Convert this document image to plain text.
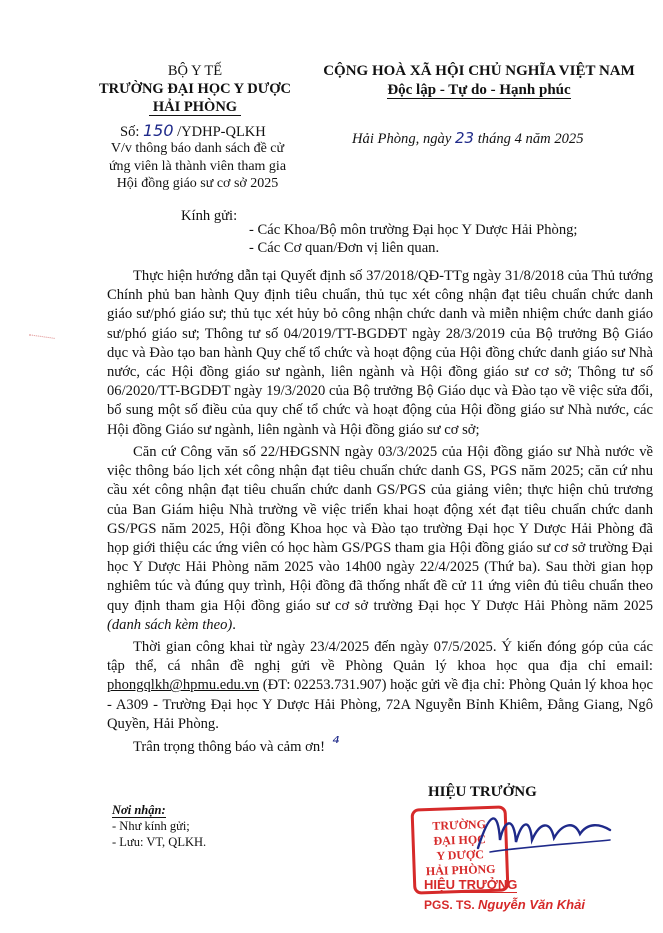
BỘ Y TẾ
TRƯỜNG ĐẠI HỌC Y DƯỢC
HẢI PHÒNG
Số: 150 /YDHP-QLKH
V/v thông báo danh sách đề cử
ứng viên là thành viên tham gia
Hội đồng giáo sư cơ sở 2025
CỘNG HOÀ XÃ HỘI CHỦ NGHĨA VIỆT NAM
Độc lập - Tự do - Hạnh phúc
Hải Phòng, ngày 23 tháng 4 năm 2025
Kính gửi:
- Các Khoa/Bộ môn trường Đại học Y Dược Hải Phòng;
- Các Cơ quan/Đơn vị liên quan.

Thực hiện hướng dẫn tại Quyết định số 37/2018/QĐ-TTg ngày 31/8/2018 của Thủ tướng Chính phủ ban hành Quy định tiêu chuẩn, thủ tục xét công nhận đạt tiêu chuẩn chức danh giáo sư/phó giáo sư; thủ tục xét hủy bỏ công nhận chức danh và miễn nhiệm chức danh giáo sư/phó giáo sư; Thông tư số 04/2019/TT-BGDĐT ngày 28/3/2019 của Bộ trưởng Bộ Giáo dục và Đào tạo ban hành Quy chế tổ chức và hoạt động của Hội đồng chức danh giáo sư Nhà nước, các Hội đồng giáo sư ngành, liên ngành và Hội đồng giáo sư cơ sở; Thông tư số 06/2020/TT-BGDĐT ngày 19/3/2020 của Bộ trưởng Bộ Giáo dục và Đào tạo về việc sửa đổi, bổ sung một số điều của quy chế tổ chức và hoạt động của Hội đồng giáo sư Nhà nước, các Hội đồng Giáo sư ngành, liên ngành và Hội đồng giáo sư cơ sở;

Căn cứ Công văn số 22/HĐGSNN ngày 03/3/2025 của Hội đồng giáo sư Nhà nước về việc thông báo lịch xét công nhận đạt tiêu chuẩn chức danh GS, PGS năm 2025; căn cứ nhu cầu xét công nhận đạt tiêu chuẩn chức danh GS/PGS của giảng viên; thực hiện chủ trương của Ban Giám hiệu Nhà trường về việc triển khai hoạt động xét đạt tiêu chuẩn chức danh GS/PGS năm 2025, Hội đồng Khoa học và Đào tạo trường Đại học Y Dược Hải Phòng đã họp giới thiệu các ứng viên có học hàm GS/PGS tham gia Hội đồng giáo sư cơ sở trường Đại học Y Dược Hải Phòng năm 2025 vào 14h00 ngày 22/4/2025 (Thứ ba). Sau thời gian họp nghiêm túc và đúng quy trình, Hội đồng đã thống nhất đề cử 11 ứng viên đủ tiêu chuẩn theo quy định tham gia Hội đồng giáo sư cơ sở trường Đại học Y Dược Hải Phòng năm 2025 (danh sách kèm theo).

Thời gian công khai từ ngày 23/4/2025 đến ngày 07/5/2025. Ý kiến đóng góp của các tập thể, cá nhân đề nghị gửi về Phòng Quản lý khoa học qua địa chỉ email: phongqlkh@hpmu.edu.vn (ĐT: 02253.731.907) hoặc gửi về địa chỉ: Phòng Quản lý khoa học - A309 - Trường Đại học Y Dược Hải Phòng, 72A Nguyễn Bỉnh Khiêm, Đằng Giang, Ngô Quyền, Hải Phòng.

Trân trọng thông báo và cảm ơn! ⁴
Nơi nhận:
- Như kính gửi;
- Lưu: VT, QLKH.
HIỆU TRƯỞNG
TRƯỜNG
ĐẠI HỌC
Y DƯỢC
HẢI PHÒNG
HIỆU TRƯỞNG
PGS. TS. Nguyễn Văn Khải
